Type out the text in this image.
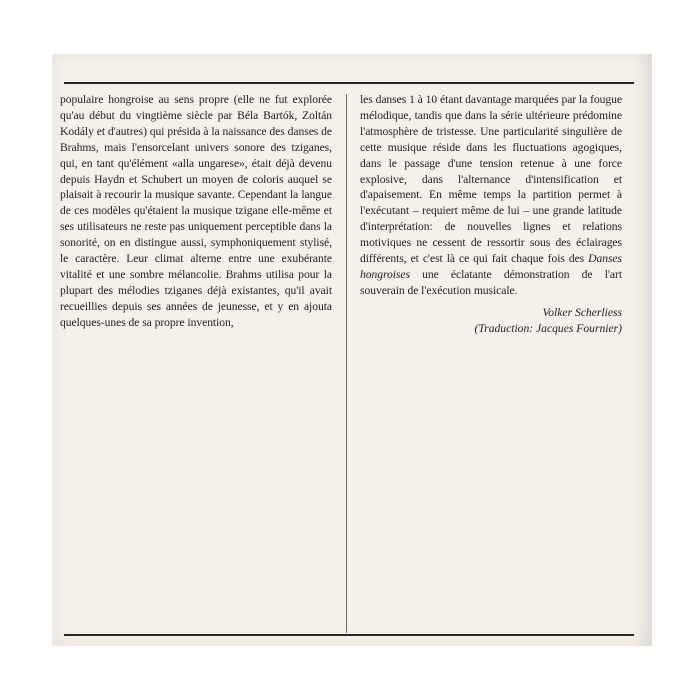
populaire hongroise au sens propre (elle ne fut explorée qu'au début du vingtième siècle par Béla Bartók, Zoltán Kodály et d'autres) qui présida à la naissance des danses de Brahms, mais l'ensorcelant univers sonore des tziganes, qui, en tant qu'élément «alla ungarese», était déjà devenu depuis Haydn et Schubert un moyen de coloris auquel se plaisait à recourir la musique savante. Cependant la langue de ces modèles qu'étaient la musique tzigane elle-même et ses utilisateurs ne reste pas uniquement perceptible dans la sonorité, on en distingue aussi, symphoniquement stylisé, le caractère. Leur climat alterne entre une exubérante vitalité et une sombre mélancolie. Brahms utilisa pour la plupart des mélodies tziganes déjà existantes, qu'il avait recueillies depuis ses années de jeunesse, et y en ajouta quelques-unes de sa propre invention,

les danses 1 à 10 étant davantage marquées par la fougue mélodique, tandis que dans la série ultérieure prédomine l'atmosphère de tristesse. Une particularité singulière de cette musique réside dans les fluctuations agogiques, dans le passage d'une tension retenue à une force explosive, dans l'alternance d'intensification et d'apaisement. En même temps la partition permet à l'exécutant – requiert même de lui – une grande latitude d'interprétation: de nouvelles lignes et relations motiviques ne cessent de ressortir sous des éclairages différents, et c'est là ce qui fait chaque fois des Danses hongroises une éclatante démonstration de l'art souverain de l'exécution musicale.

Volker Scherliess
(Traduction: Jacques Fournier)
